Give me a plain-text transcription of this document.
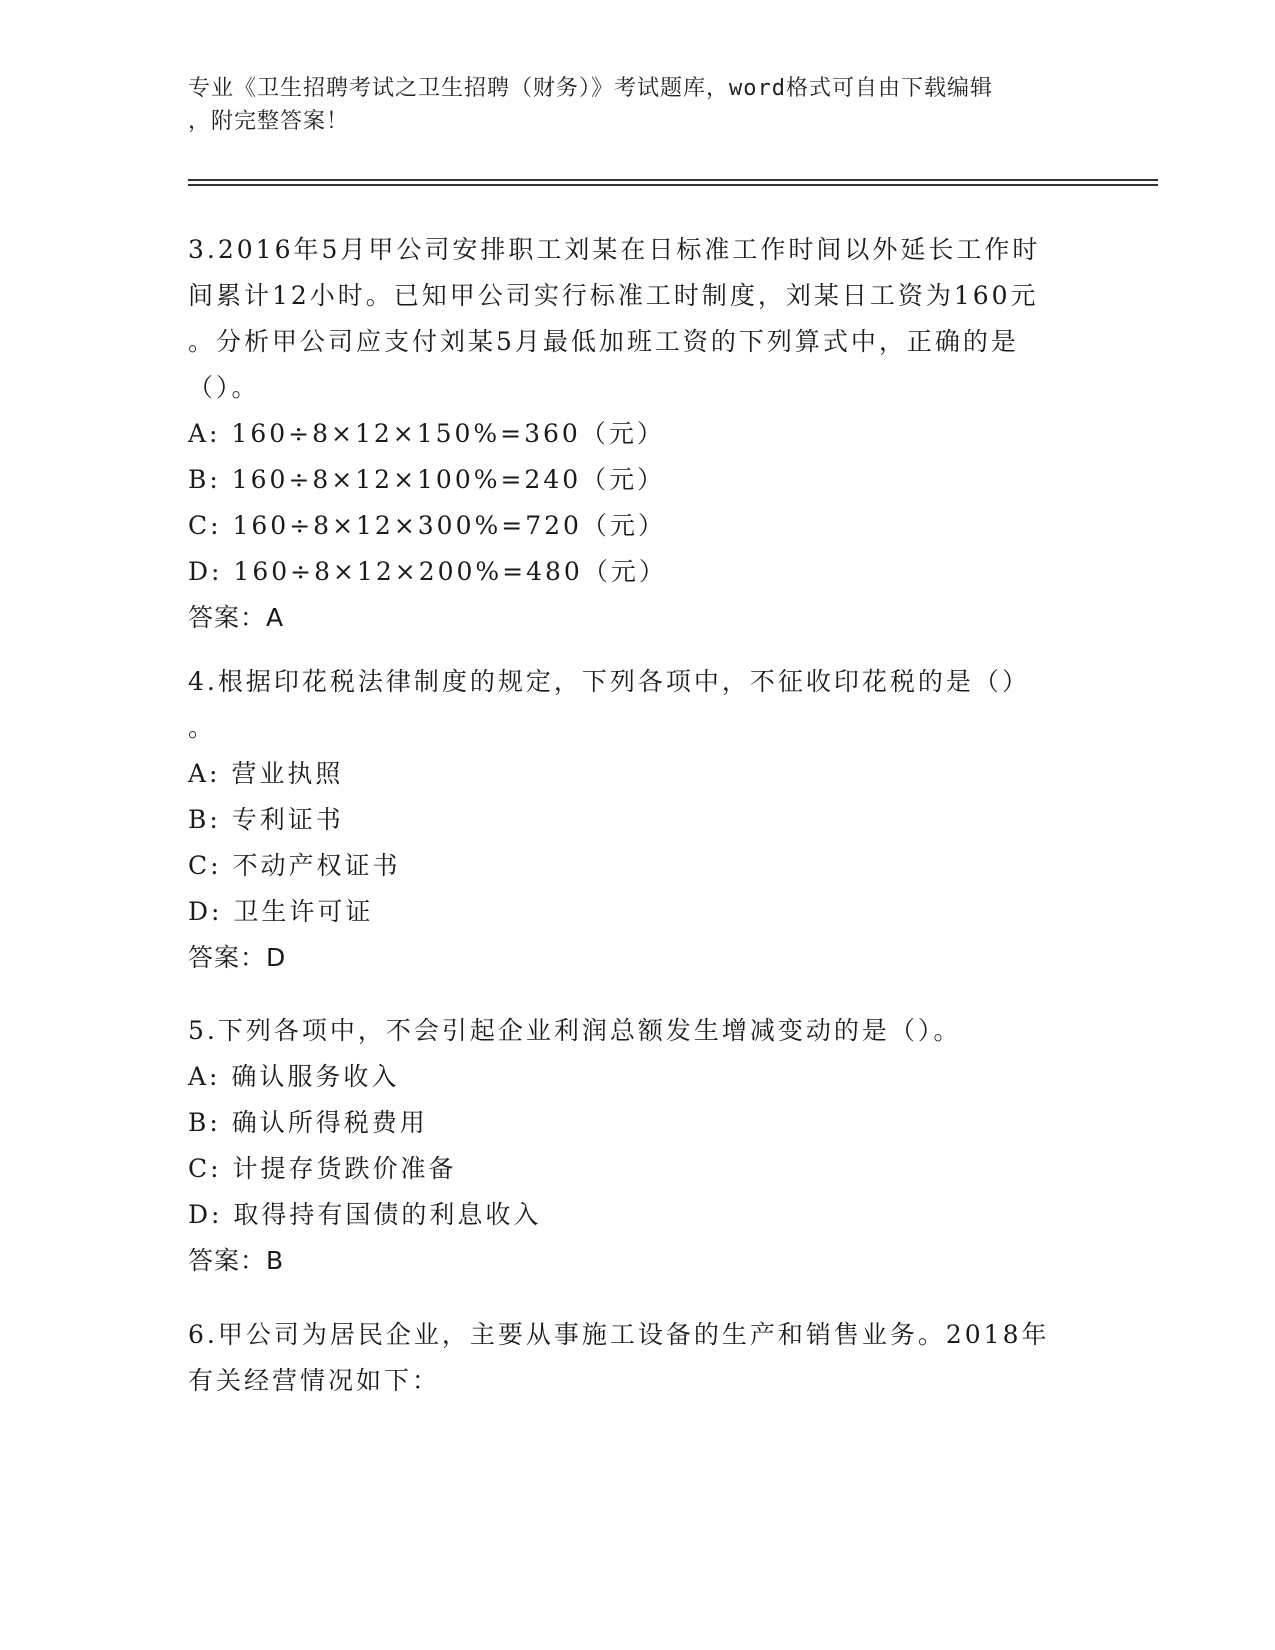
专业《卫生招聘考试之卫生招聘（财务）》考试题库，word格式可自由下载编辑
，附完整答案！
3.2016年5月甲公司安排职工刘某在日标准工作时间以外延长工作时
间累计12小时。已知甲公司实行标准工时制度，刘某日工资为160元
。分析甲公司应支付刘某5月最低加班工资的下列算式中，正确的是
（）。
A: 160÷8×12×150%=360（元）
B: 160÷8×12×100%=240（元）
C: 160÷8×12×300%=720（元）
D: 160÷8×12×200%=480（元）
答案：A
4.根据印花税法律制度的规定，下列各项中，不征收印花税的是（）
。
A: 营业执照
B: 专利证书
C: 不动产权证书
D: 卫生许可证
答案：D
5.下列各项中，不会引起企业利润总额发生增减变动的是（）。
A: 确认服务收入
B: 确认所得税费用
C: 计提存货跌价准备
D: 取得持有国债的利息收入
答案：B
6.甲公司为居民企业，主要从事施工设备的生产和销售业务。2018年
有关经营情况如下：
